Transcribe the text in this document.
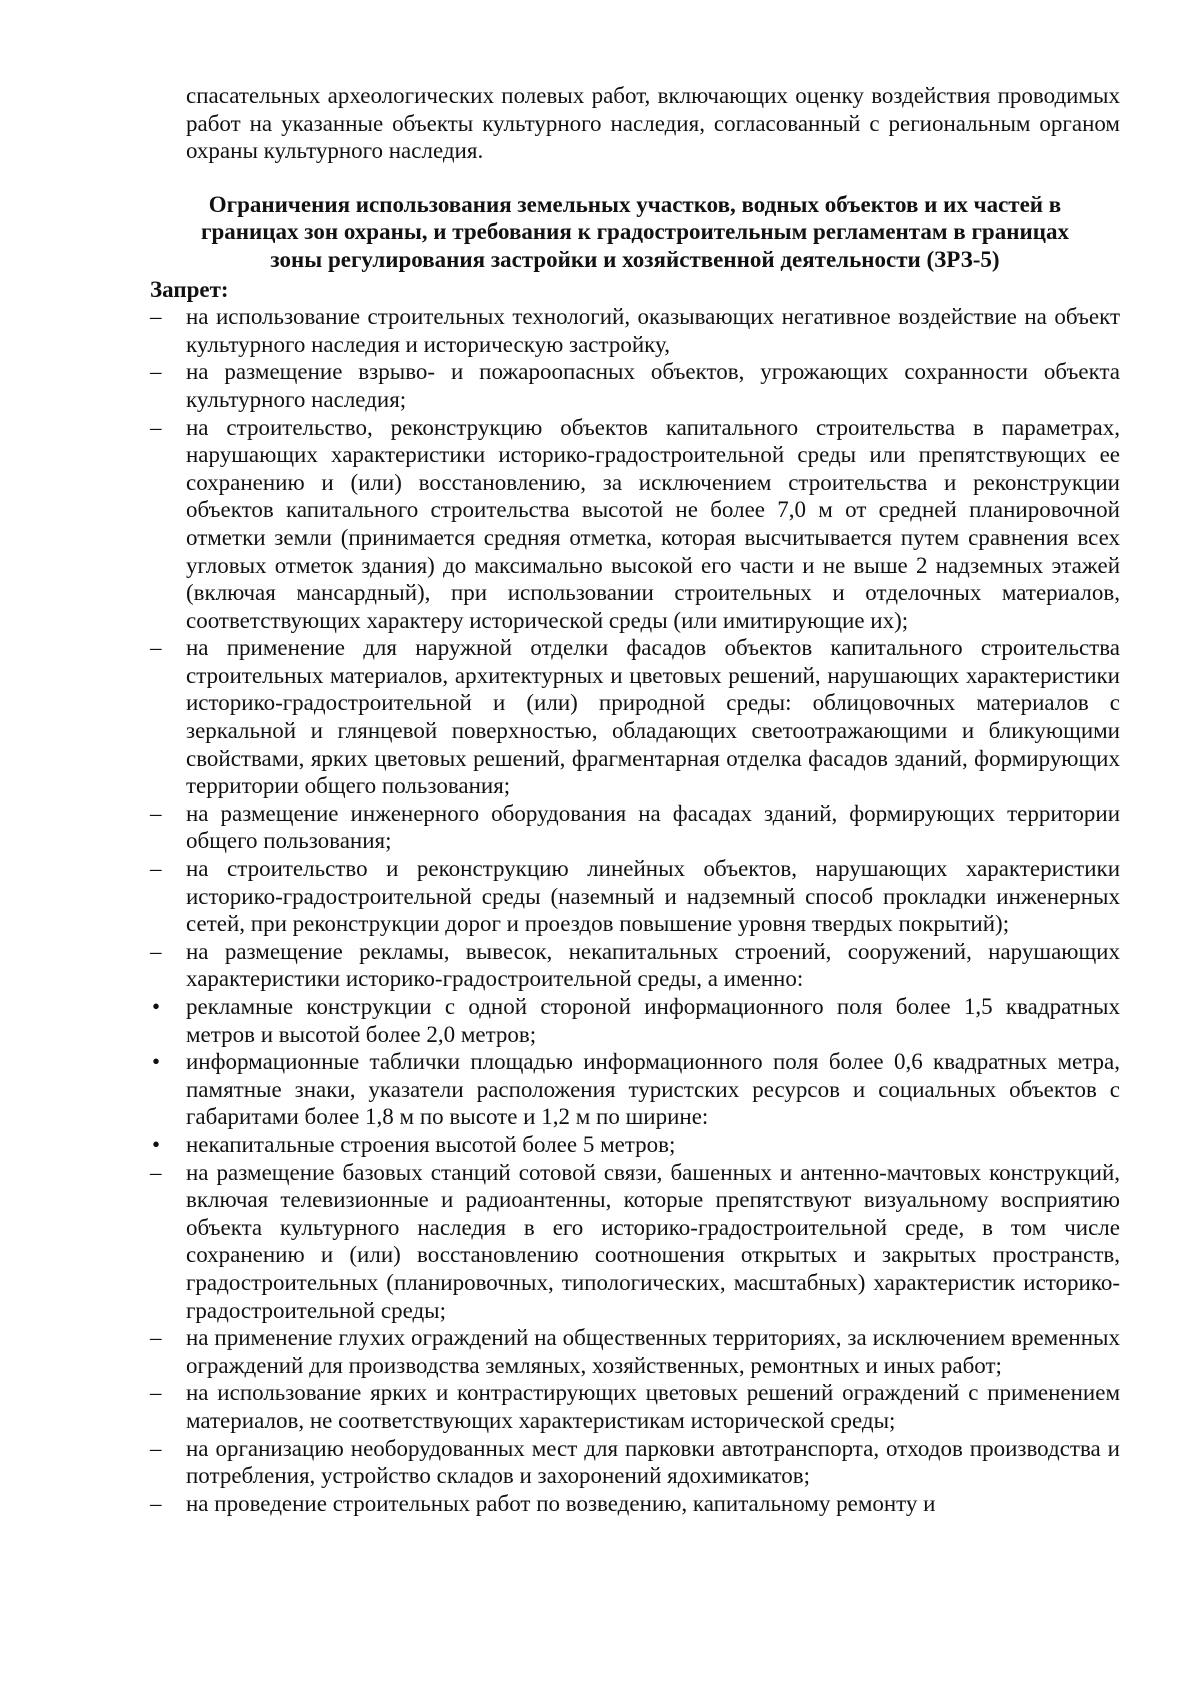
спасательных археологических полевых работ, включающих оценку воздействия проводимых работ на указанные объекты культурного наследия, согласованный с региональным органом охраны культурного наследия.

Ограничения использования земельных участков, водных объектов и их частей в
границах зон охраны, и требования к градостроительным регламентам в границах
зоны регулирования застройки и хозяйственной деятельности (ЗРЗ-5)
Запрет:
–	на использование строительных технологий, оказывающих негативное воздействие на объект культурного наследия и историческую застройку,
–	на размещение взрыво- и пожароопасных объектов, угрожающих сохранности объекта культурного наследия;
–	на строительство, реконструкцию объектов капитального строительства в параметрах, нарушающих характеристики историко-градостроительной среды или препятствующих ее сохранению и (или) восстановлению, за исключением строительства и реконструкции объектов капитального строительства высотой не более 7,0 м от средней планировочной отметки земли (принимается средняя отметка, которая высчитывается путем сравнения всех угловых отметок здания) до максимально высокой его части и не выше 2 надземных этажей (включая мансардный), при использовании строительных и отделочных материалов, соответствующих характеру исторической среды (или имитирующие их);
–	на применение для наружной отделки фасадов объектов капитального строительства строительных материалов, архитектурных и цветовых решений, нарушающих характеристики историко-градостроительной и (или) природной среды: облицовочных материалов с зеркальной и глянцевой поверхностью, обладающих светоотражающими и бликующими свойствами, ярких цветовых решений, фрагментарная отделка фасадов зданий, формирующих территории общего пользования;
–	на размещение инженерного оборудования на фасадах зданий, формирующих территории общего пользования;
–	на строительство и реконструкцию линейных объектов, нарушающих характеристики историко-градостроительной среды (наземный и надземный способ прокладки инженерных сетей, при реконструкции дорог и проездов повышение уровня твердых покрытий);
–	на размещение рекламы, вывесок, некапитальных строений, сооружений, нарушающих характеристики историко-градостроительной среды, а именно:
•	рекламные конструкции с одной стороной информационного поля более 1,5 квадратных метров и высотой более 2,0 метров;
•	информационные таблички площадью информационного поля более 0,6 квадратных метра, памятные знаки, указатели расположения туристских ресурсов и социальных объектов с габаритами более 1,8 м по высоте и 1,2 м по ширине:
•	некапитальные строения высотой более 5 метров;
–	на размещение базовых станций сотовой связи, башенных и антенно-мачтовых конструкций, включая телевизионные и радиоантенны, которые препятствуют визуальному восприятию объекта культурного наследия в его историко-градостроительной среде, в том числе сохранению и (или) восстановлению соотношения открытых и закрытых пространств, градостроительных (планировочных, типологических, масштабных) характеристик историко-градостроительной среды;
–	на применение глухих ограждений на общественных территориях, за исключением временных ограждений для производства земляных, хозяйственных, ремонтных и иных работ;
–	на использование ярких и контрастирующих цветовых решений ограждений с применением материалов, не соответствующих характеристикам исторической среды;
–	на организацию необорудованных мест для парковки автотранспорта, отходов производства и потребления, устройство складов и захоронений ядохимикатов;
–	на проведение строительных работ по возведению, капитальному ремонту и
